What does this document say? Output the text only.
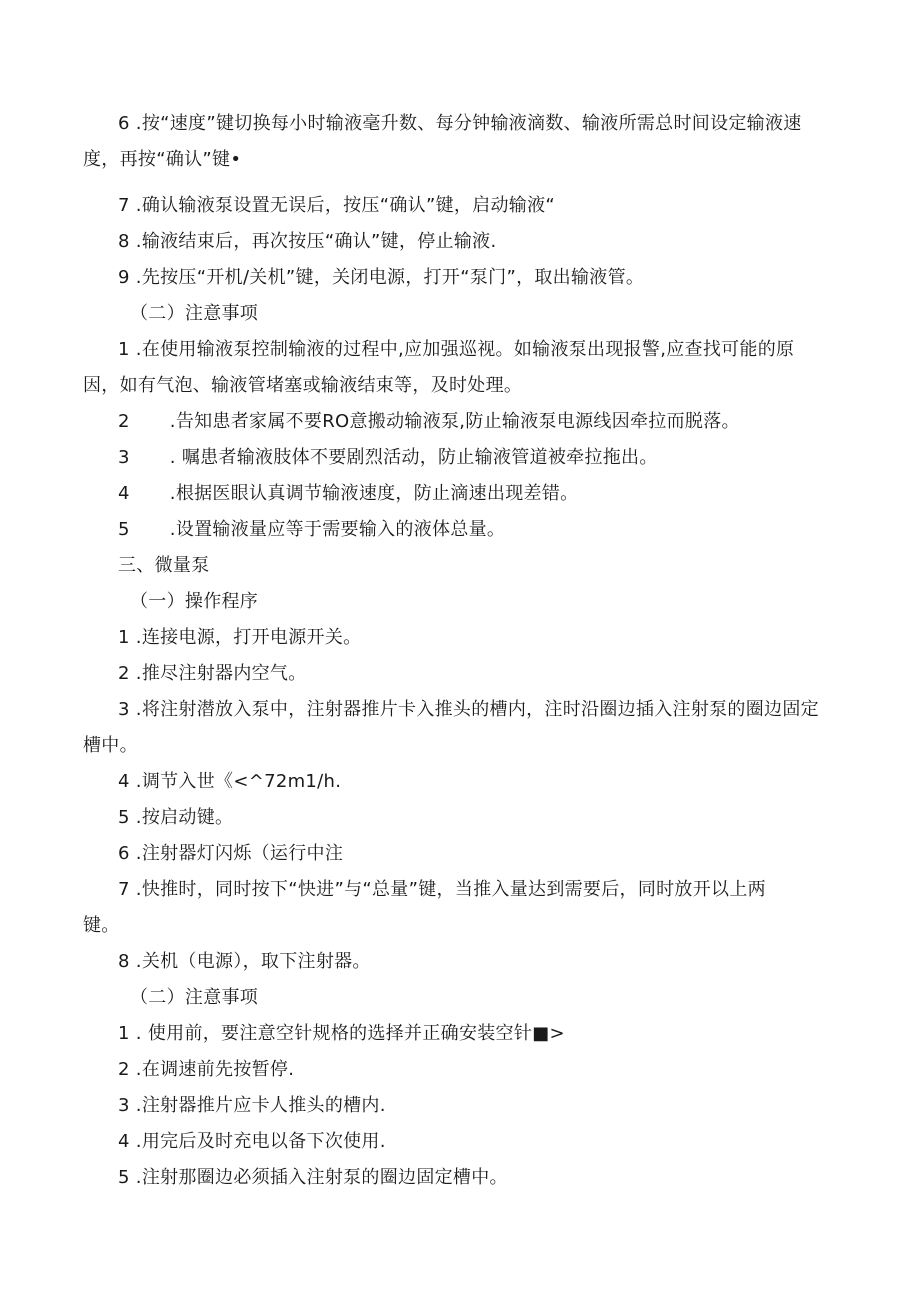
6 .按“速度”键切换每小时输液毫升数、每分钟输液滴数、输液所需总时间设定输液速
度，再按“确认”键•
7 .确认输液泵设置无误后，按压“确认”键，启动输液“
8 .输液结束后，再次按压“确认”键，停止输液.
9 .先按压“开机/关机”键，关闭电源，打开“泵门”，取出输液管。
（二）注意事项
1 .在使用输液泵控制输液的过程中,应加强巡视。如输液泵出现报警,应查找可能的原
因，如有气泡、输液管堵塞或输液结束等，及时处理。
2 .告知患者家属不要RO意搬动输液泵,防止输液泵电源线因牵拉而脱落。
3 . 嘱患者输液肢体不要剧烈活动，防止输液管道被牵拉拖出。
4 .根据医眼认真调节输液速度，防止滴速出现差错。
5 .设置输液量应等于需要输入的液体总量。
三、微量泵
（一）操作程序
1 .连接电源，打开电源开关。
2 .推尽注射器内空气。
3 .将注射潜放入泵中，注射器推片卡入推头的槽内，注时沿圈边插入注射泵的圈边固定
槽中。
4 .调节入世《<^72m1∕h.
5 .按启动键。
6 .注射器灯闪烁（运行中注
7 .快推时，同时按下“快进”与“总量”键，当推入量达到需要后，同时放开以上两
键。
8 .关机（电源），取下注射器。
（二）注意事项
1 . 使用前，要注意空针规格的选择并正确安装空针■>
2 .在调速前先按暂停.
3 .注射器推片应卡人推头的槽内.
4 .用完后及时充电以备下次使用.
5 .注射那圈边必须插入注射泵的圈边固定槽中。
